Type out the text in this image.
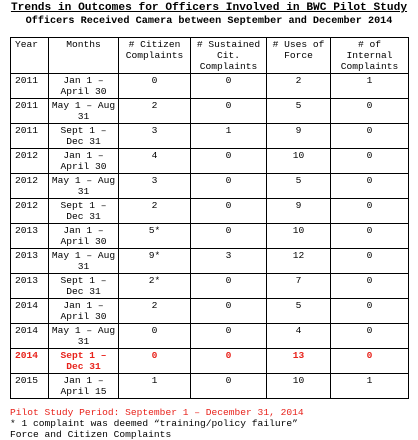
Trends in Outcomes for Officers Involved in BWC Pilot Study
Officers Received Camera between September and December 2014
Year	Months	# Citizen Complaints	# Sustained Cit. Complaints	# Uses of Force	# of Internal Complaints
2011	Jan 1 – April 30	0	0	2	1
2011	May 1 – Aug 31	2	0	5	0
2011	Sept 1 – Dec 31	3	1	9	0
2012	Jan 1 – April 30	4	0	10	0
2012	May 1 – Aug 31	3	0	5	0
2012	Sept 1 – Dec 31	2	0	9	0
2013	Jan 1 – April 30	5*	0	10	0
2013	May 1 – Aug 31	9*	3	12	0
2013	Sept 1 – Dec 31	2*	0	7	0
2014	Jan 1 – April 30	2	0	5	0
2014	May 1 – Aug 31	0	0	4	0
2014	Sept 1 – Dec 31	0	0	13	0
2015	Jan 1 – April 15	1	0	10	1
Pilot Study Period: September 1 – December 31, 2014
* 1 complaint was deemed “training/policy failure”
Force and Citizen Complaints
